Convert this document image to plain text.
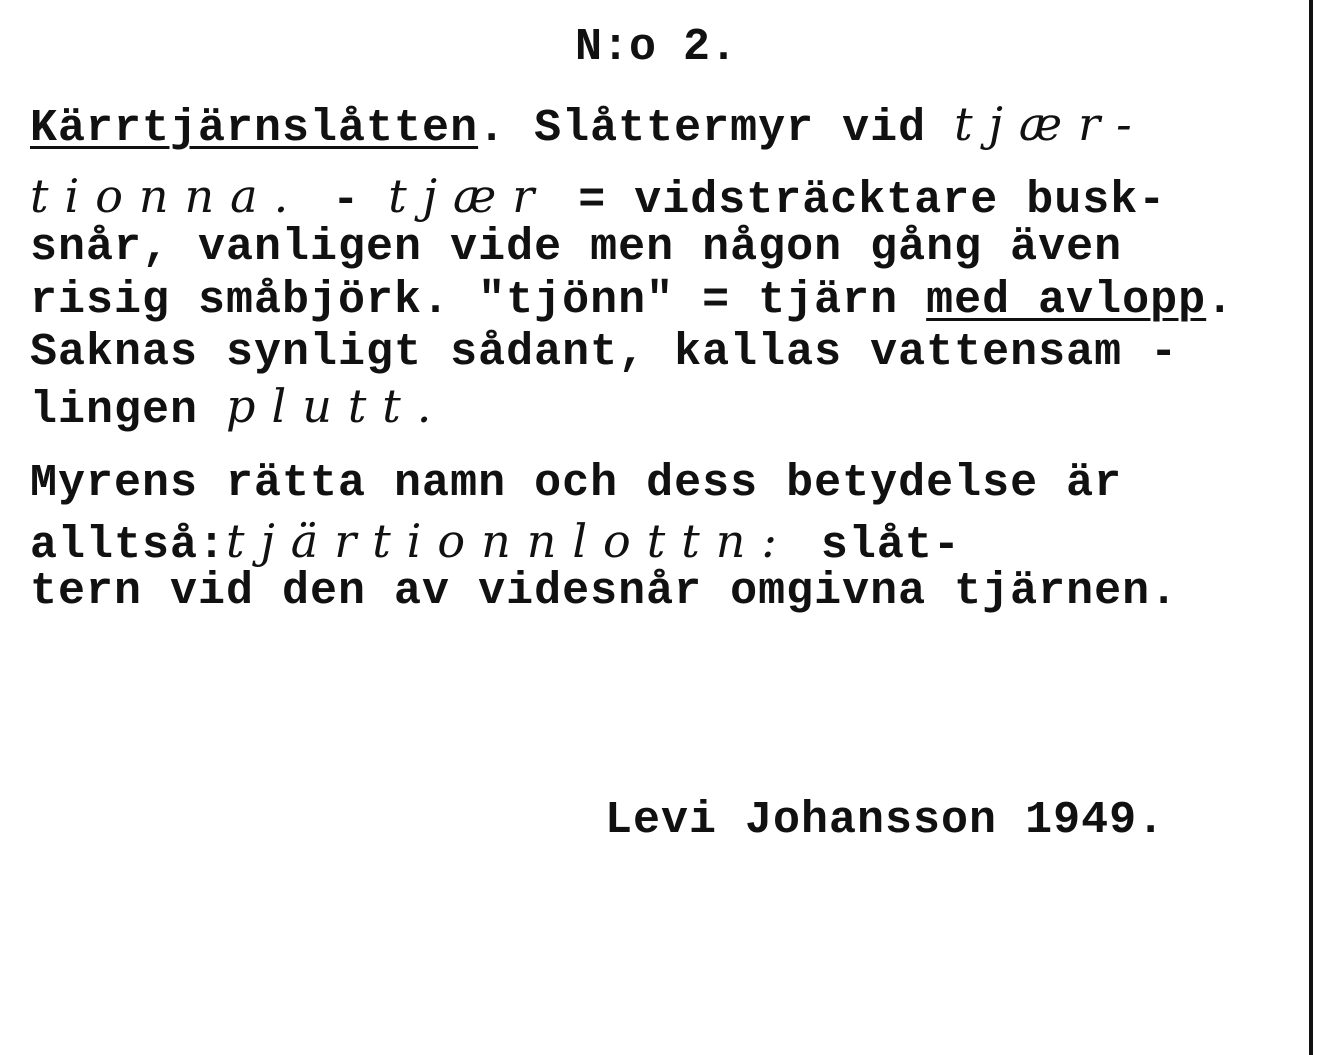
N:o 2.
Kärrtjärnslåtten. Slåttermyr vid tjær-
tionna. - tjær = vidsträcktare busk-
snår, vanligen vide men någon gång även
risig småbjörk. "tjönn" = tjärn med avlopp.
Saknas synligt sådant, kallas vattensam -
lingen plutt.
Myrens rätta namn och dess betydelse är
alltså:tjärtionnlottn: slåt-
tern vid den av videsnår omgivna tjärnen.
Levi Johansson 1949.
